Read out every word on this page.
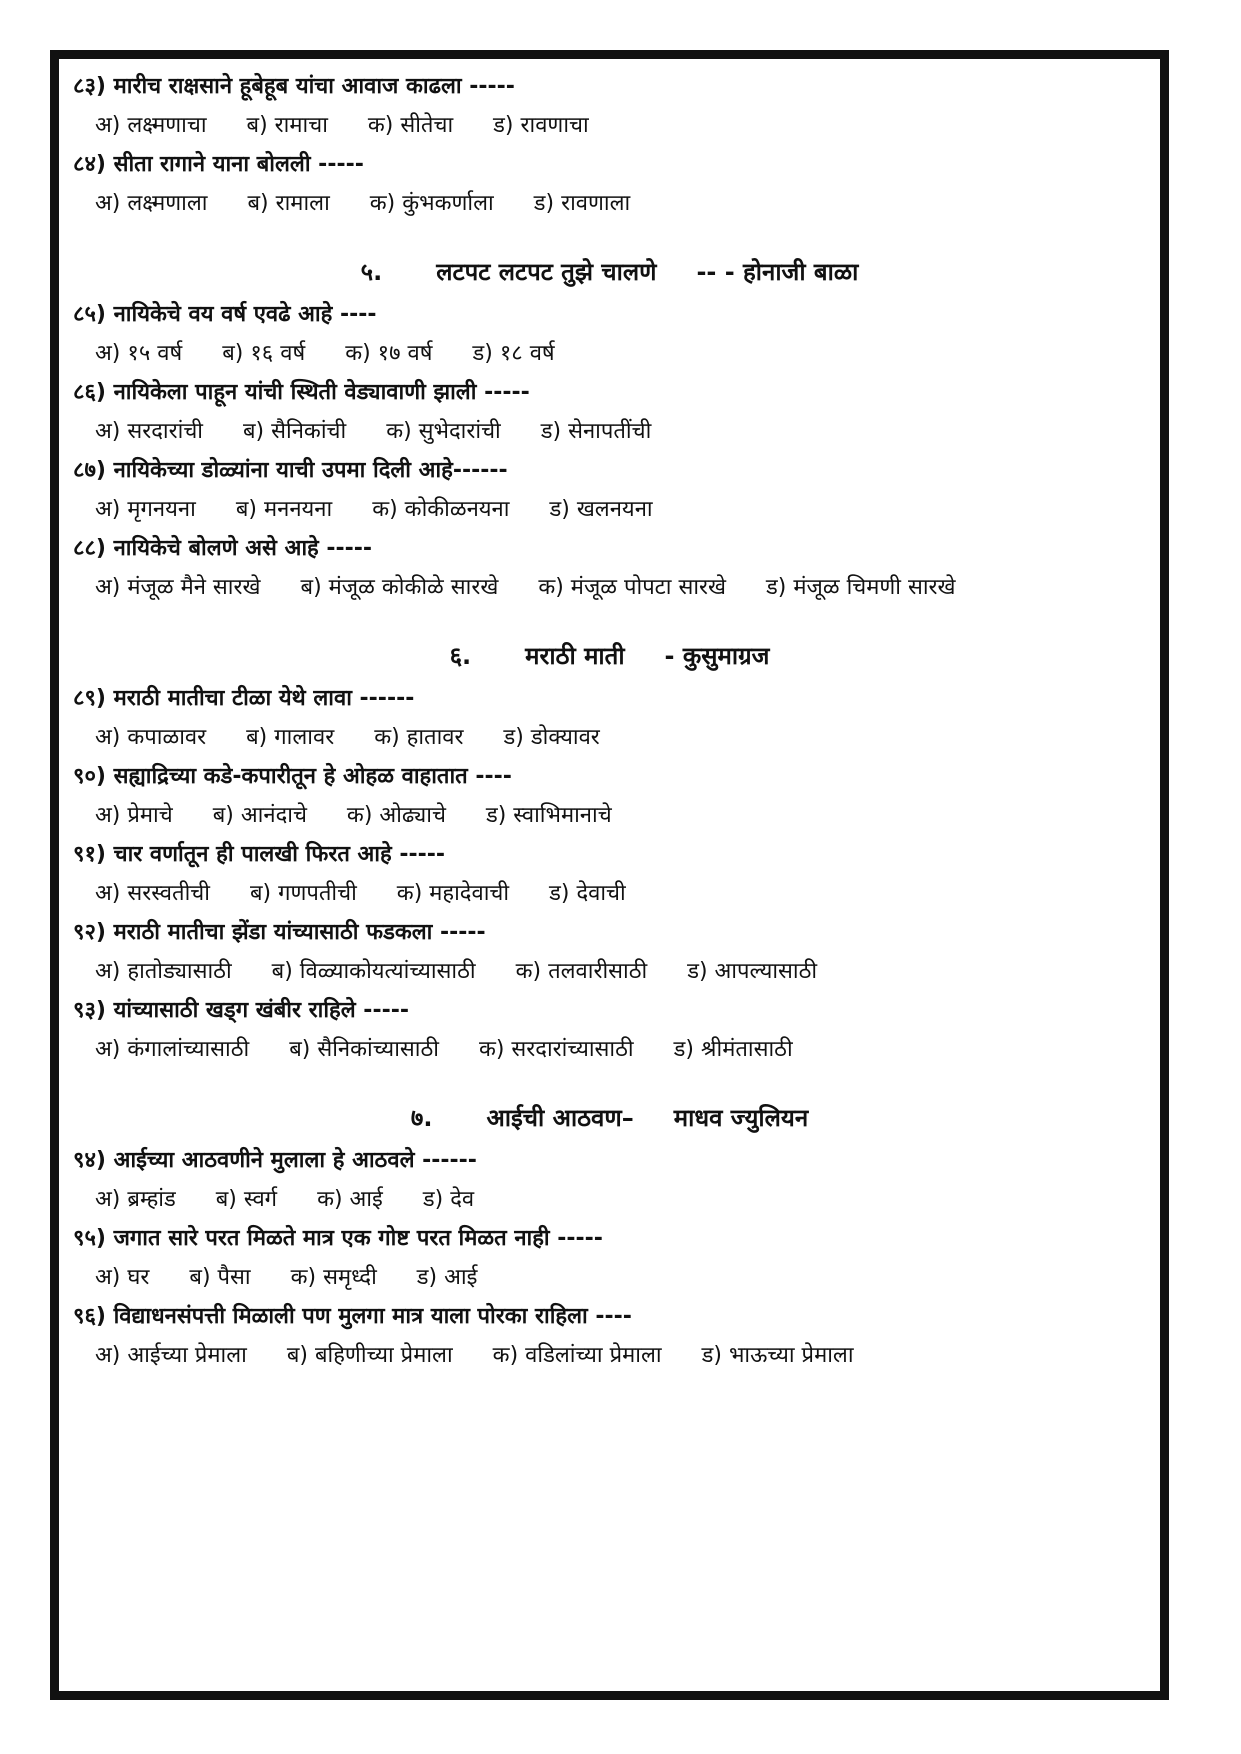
८३) मारीच राक्षसाने हूबेहूब यांचा आवाज काढला -----
अ) लक्ष्मणाचा ब) रामाचा क) सीतेचा ड) रावणाचा
८४) सीता रागाने याना बोलली -----
अ) लक्ष्मणाला ब) रामाला क) कुंभकर्णाला ड) रावणाला
५. लटपट लटपट तुझे चालणे -- - होनाजी बाळा
८५) नायिकेचे वय वर्ष एवढे आहे ----
अ) १५ वर्ष ब) १६ वर्ष क) १७ वर्ष ड) १८ वर्ष
८६) नायिकेला पाहून यांची स्थिती वेड्यावाणी झाली -----
अ) सरदारांची ब) सैनिकांची क) सुभेदारांची ड) सेनापतींची
८७) नायिकेच्या डोळ्यांना याची उपमा दिली आहे------
अ) मृगनयना ब) मननयना क) कोकीळनयना ड) खलनयना
८८) नायिकेचे बोलणे असे आहे -----
अ) मंजूळ मैने सारखे ब) मंजूळ कोकीळे सारखे क) मंजूळ पोपटा सारखे ड) मंजूळ चिमणी सारखे
६. मराठी माती - कुसुमाग्रज
८९) मराठी मातीचा टीळा येथे लावा ------
अ) कपाळावर ब) गालावर क) हातावर ड) डोक्यावर
९०) सह्याद्रिच्या कडे-कपारीतून हे ओहळ वाहातात ----
अ) प्रेमाचे ब) आनंदाचे क) ओढ्याचे ड) स्वाभिमानाचे
९१) चार वर्णातून ही पालखी फिरत आहे -----
अ) सरस्वतीची ब) गणपतीची क) महादेवाची ड) देवाची
९२) मराठी मातीचा झेंडा यांच्यासाठी फडकला -----
अ) हातोड्यासाठी ब) विळ्याकोयत्यांच्यासाठी क) तलवारीसाठी ड) आपल्यासाठी
९३) यांच्यासाठी खड्ग खंबीर राहिले -----
अ) कंगालांच्यासाठी ब) सैनिकांच्यासाठी क) सरदारांच्यासाठी ड) श्रीमंतासाठी
७. आईची आठवण– माधव ज्युलियन
९४) आईच्या आठवणीने मुलाला हे आठवले ------
अ) ब्रम्हांड ब) स्वर्ग क) आई ड) देव
९५) जगात सारे परत मिळते मात्र एक गोष्ट परत मिळत नाही -----
अ) घर ब) पैसा क) समृध्दी ड) आई
९६) विद्याधनसंपत्ती मिळाली पण मुलगा मात्र याला पोरका राहिला ----
अ) आईच्या प्रेमाला ब) बहिणीच्या प्रेमाला क) वडिलांच्या प्रेमाला ड) भाऊच्या प्रेमाला
